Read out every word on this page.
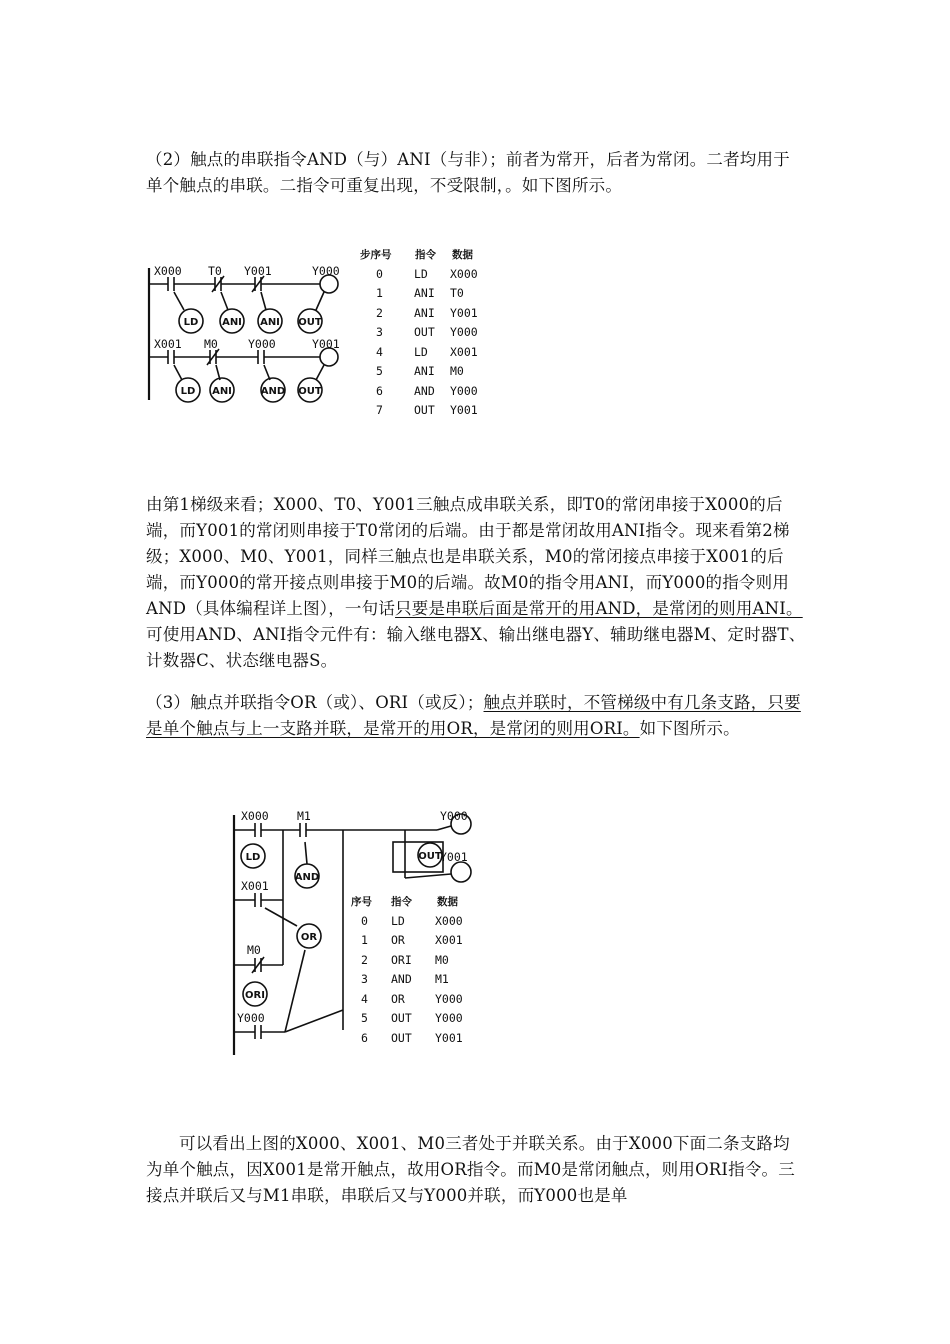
（2）触点的串联指令AND（与）ANI（与非）；前者为常开，后者为常闭。二者均用于单个触点的串联。二指令可重复出现，不受限制，。如下图所示。

X000 T0 Y001	Y000
LD ANI ANI OUT
X001 M0	Y000	Y001
LD ANI	AND OUT
步序号 指令 数据
0	LD X000
1	ANI T0
2	ANI Y001
3	OUT Y000
4	LD X001
5	ANI M0
6	AND Y000
7	OUT Y001

由第1梯级来看；X000、T0、Y001三触点成串联关系，即T0的常闭串接于X000的后端，而Y001的常闭则串接于T0常闭的后端。由于都是常闭故用ANI指令。现来看第2梯级；X000、M0、Y001，同样三触点也是串联关系，M0的常闭接点串接于X001的后端，而Y000的常开接点则串接于M0的后端。故M0的指令用ANI，而Y000的指令则用AND（具体编程详上图），一句话只要是串联后面是常开的用AND，是常闭的则用ANI。可使用AND、ANI指令元件有：输入继电器X、输出继电器Y、辅助继电器M、定时器T、计数器C、状态继电器S。

（3）触点并联指令OR（或）、ORI（或反）；触点并联时，不管梯级中有几条支路，只要是单个触点与上一支路并联，是常开的用OR，是常闭的则用ORI。如下图所示。

X000 M1	Y000
Y001
OUT
X001
LD
AND
OR
M0
ORI
Y000
序号 指令 数据
0 LD	X000
1 OR	X001
2 ORI M0
3 AND M1
4 OR	Y000
5 OUT Y000
6 OUT Y001

可以看出上图的X000、X001、M0三者处于并联关系。由于X000下面二条支路均为单个触点，因X001是常开触点，故用OR指令。而M0是常闭触点，则用ORI指令。三接点并联后又与M1串联，串联后又与Y000并联，而Y000也是单
